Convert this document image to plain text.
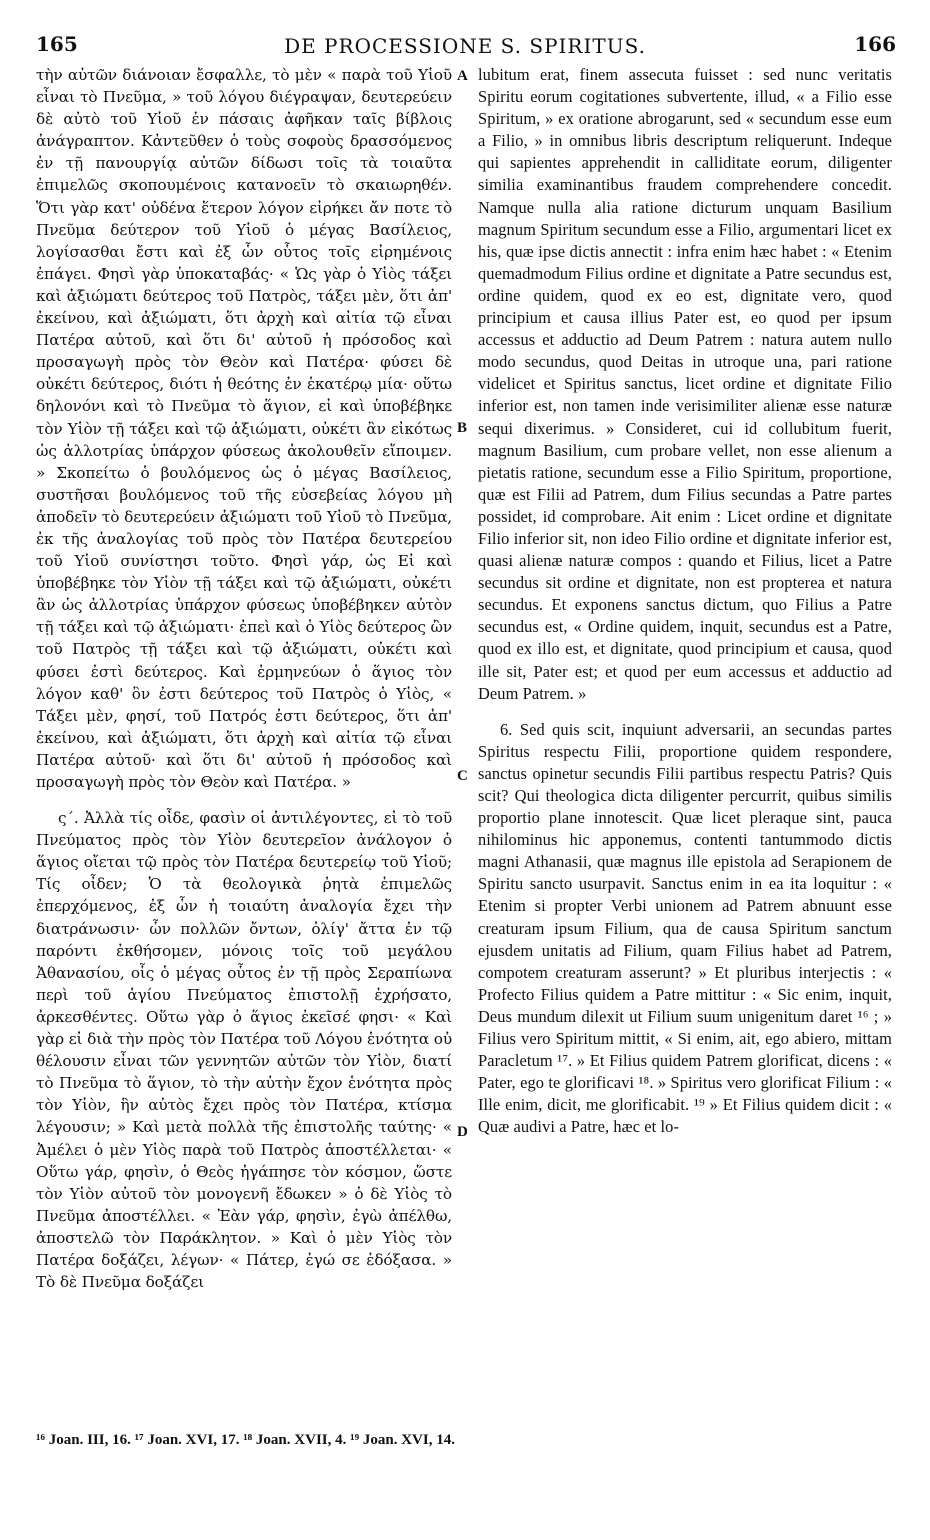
165	DE PROCESSIONE S. SPIRITUS.	166

τὴν αὐτῶν διάνοιαν ἔσφαλλε, τὸ μὲν « παρὰ τοῦ Υἱοῦ εἶναι τὸ Πνεῦμα, » τοῦ λόγου διέγραψαν, δευτερεύειν δὲ αὐτὸ τοῦ Υἱοῦ ἐν πάσαις ἀφῆκαν ταῖς βίβλοις ἀνάγραπτον. Κἀντεῦθεν ὁ τοὺς σοφοὺς δρασσόμενος ἐν τῇ πανουργίᾳ αὐτῶν δίδωσι τοῖς τὰ τοιαῦτα ἐπιμελῶς σκοπουμένοις κατανοεῖν τὸ σκαιωρηθέν. Ὅτι γὰρ κατ' οὐδένα ἕτερον λόγον εἰρήκει ἄν ποτε τὸ Πνεῦμα δεύτερον τοῦ Υἱοῦ ὁ μέγας Βασίλειος, λογίσασθαι ἔστι καὶ ἐξ ὧν οὗτος τοῖς εἰρημένοις ἐπάγει. Φησὶ γὰρ ὑποκαταβάς· « Ὡς γὰρ ὁ Υἱὸς τάξει καὶ ἀξιώματι δεύτερος τοῦ Πατρὸς, τάξει μὲν, ὅτι ἀπ' ἐκείνου, καὶ ἀξιώματι, ὅτι ἀρχὴ καὶ αἰτία τῷ εἶναι Πατέρα αὐτοῦ, καὶ ὅτι δι' αὐτοῦ ἡ πρόσοδος καὶ προσαγωγὴ πρὸς τὸν Θεὸν καὶ Πατέρα· φύσει δὲ οὐκέτι δεύτερος, διότι ἡ θεότης ἐν ἑκατέρῳ μία· οὕτω δηλονόνι καὶ τὸ Πνεῦμα τὸ ἅγιον, εἰ καὶ ὑποβέβηκε τὸν Υἱὸν τῇ τάξει καὶ τῷ ἀξιώματι, οὐκέτι ἂν εἰκότως ὡς ἀλλοτρίας ὑπάρχον φύσεως ἀκολουθεῖν εἴποιμεν. » Σκοπείτω ὁ βουλόμενος ὡς ὁ μέγας Βασίλειος, συστῆσαι βουλόμενος τοῦ τῆς εὐσεβείας λόγου μὴ ἀποδεῖν τὸ δευτερεύειν ἀξιώματι τοῦ Υἱοῦ τὸ Πνεῦμα, ἐκ τῆς ἀναλογίας τοῦ πρὸς τὸν Πατέρα δευτερείου τοῦ Υἱοῦ συνίστησι τοῦτο. Φησὶ γάρ, ὡς Εἰ καὶ ὑποβέβηκε τὸν Υἱὸν τῇ τάξει καὶ τῷ ἀξιώματι, οὐκέτι ἂν ὡς ἀλλοτρίας ὑπάρχον φύσεως ὑποβέβηκεν αὐτὸν τῇ τάξει καὶ τῷ ἀξιώματι· ἐπεὶ καὶ ὁ Υἱὸς δεύτερος ὢν τοῦ Πατρὸς τῇ τάξει καὶ τῷ ἀξιώματι, οὐκέτι καὶ φύσει ἐστὶ δεύτερος. Καὶ ἑρμηνεύων ὁ ἅγιος τὸν λόγον καθ' ὃν ἐστι δεύτερος τοῦ Πατρὸς ὁ Υἱὸς, « Τάξει μὲν, φησί, τοῦ Πατρός ἐστι δεύτερος, ὅτι ἀπ' ἐκείνου, καὶ ἀξιώματι, ὅτι ἀρχὴ καὶ αἰτία τῷ εἶναι Πατέρα αὐτοῦ· καὶ ὅτι δι' αὐτοῦ ἡ πρόσοδος καὶ προσαγωγὴ πρὸς τὸν Θεὸν καὶ Πατέρα. »

ς΄. Ἀλλὰ τίς οἶδε, φασὶν οἱ ἀντιλέγοντες, εἰ τὸ τοῦ Πνεύματος πρὸς τὸν Υἱὸν δευτερεῖον ἀνάλογον ὁ ἅγιος οἴεται τῷ πρὸς τὸν Πατέρα δευτερείῳ τοῦ Υἱοῦ; Τίς οἶδεν; Ὁ τὰ θεολογικὰ ῥητὰ ἐπιμελῶς ἐπερχόμενος, ἐξ ὧν ἡ τοιαύτη ἀναλογία ἔχει τὴν διατράνωσιν· ὧν πολλῶν ὄντων, ὀλίγ' ἄττα ἐν τῷ παρόντι ἐκθήσομεν, μόνοις τοῖς τοῦ μεγάλου Ἀθανασίου, οἷς ὁ μέγας οὗτος ἐν τῇ πρὸς Σεραπίωνα περὶ τοῦ ἁγίου Πνεύματος ἐπιστολῇ ἐχρήσατο, ἀρκεσθέντες. Οὕτω γὰρ ὁ ἅγιος ἐκεῖσέ φησι· « Καὶ γὰρ εἰ διὰ τὴν πρὸς τὸν Πατέρα τοῦ Λόγου ἑνότητα οὐ θέλουσιν εἶναι τῶν γεννητῶν αὐτῶν τὸν Υἱὸν, διατί τὸ Πνεῦμα τὸ ἅγιον, τὸ τὴν αὐτὴν ἔχον ἑνότητα πρὸς τὸν Υἱὸν, ἣν αὐτὸς ἔχει πρὸς τὸν Πατέρα, κτίσμα λέγουσιν; » Καὶ μετὰ πολλὰ τῆς ἐπιστολῆς ταύτης· « Ἀμέλει ὁ μὲν Υἱὸς παρὰ τοῦ Πατρὸς ἀποστέλλεται· « Οὕτω γάρ, φησὶν, ὁ Θεὸς ἠγάπησε τὸν κόσμον, ὥστε τὸν Υἱὸν αὐτοῦ τὸν μονογενῆ ἔδωκεν » ὁ δὲ Υἱὸς τὸ Πνεῦμα ἀποστέλλει. « Ἐὰν γάρ, φησὶν, ἐγὼ ἀπέλθω, ἀποστελῶ τὸν Παράκλητον. » Καὶ ὁ μὲν Υἱὸς τὸν Πατέρα δοξάζει, λέγων· « Πάτερ, ἐγώ σε ἐδόξασα. » Τὸ δὲ Πνεῦμα δοξάζει

A
B
C
D

lubitum erat, finem assecuta fuisset : sed nunc veritatis Spiritu eorum cogitationes subvertente, illud, « a Filio esse Spiritum, » ex oratione abrogarunt, sed « secundum esse eum a Filio, » in omnibus libris descriptum reliquerunt. Indeque qui sapientes apprehendit in calliditate eorum, diligenter similia examinantibus fraudem comprehendere concedit. Namque nulla alia ratione dicturum unquam Basilium magnum Spiritum secundum esse a Filio, argumentari licet ex his, quæ ipse dictis annectit : infra enim hæc habet : « Etenim quemadmodum Filius ordine et dignitate a Patre secundus est, ordine quidem, quod ex eo est, dignitate vero, quod principium et causa illius Pater est, eo quod per ipsum accessus et adductio ad Deum Patrem : natura autem nullo modo secundus, quod Deitas in utroque una, pari ratione videlicet et Spiritus sanctus, licet ordine et dignitate Filio inferior est, non tamen inde verisimiliter alienæ esse naturæ sequi dixerimus. » Consideret, cui id collubitum fuerit, magnum Basilium, cum probare vellet, non esse alienum a pietatis ratione, secundum esse a Filio Spiritum, proportione, quæ est Filii ad Patrem, dum Filius secundas a Patre partes possidet, id comprobare. Ait enim : Licet ordine et dignitate Filio inferior sit, non ideo Filio ordine et dignitate inferior est, quasi alienæ naturæ compos : quando et Filius, licet a Patre secundus sit ordine et dignitate, non est propterea et natura secundus. Et exponens sanctus dictum, quo Filius a Patre secundus est, « Ordine quidem, inquit, secundus est a Patre, quod ex illo est, et dignitate, quod principium et causa, quod ille sit, Pater est; et quod per eum accessus et adductio ad Deum Patrem. »

6. Sed quis scit, inquiunt adversarii, an secundas partes Spiritus respectu Filii, proportione quidem respondere, sanctus opinetur secundis Filii partibus respectu Patris? Quis scit? Qui theologica dicta diligenter percurrit, quibus similis proportio plane innotescit. Quæ licet pleraque sint, pauca nihilominus hic apponemus, contenti tantummodo dictis magni Athanasii, quæ magnus ille epistola ad Serapionem de Spiritu sancto usurpavit. Sanctus enim in ea ita loquitur : « Etenim si propter Verbi unionem ad Patrem abnuunt esse creaturam ipsum Filium, qua de causa Spiritum sanctum ejusdem unitatis ad Filium, quam Filius habet ad Patrem, compotem creaturam asserunt? » Et pluribus interjectis : « Profecto Filius quidem a Patre mittitur : « Sic enim, inquit, Deus mundum dilexit ut Filium suum unigenitum daret ¹⁶ ; » Filius vero Spiritum mittit, « Si enim, ait, ego abiero, mittam Paracletum ¹⁷. » Et Filius quidem Patrem glorificat, dicens : « Pater, ego te glorificavi ¹⁸. » Spiritus vero glorificat Filium : « Ille enim, dicit, me glorificabit. ¹⁹ » Et Filius quidem dicit : « Quæ audivi a Patre, hæc et lo-

¹⁶ Joan. III, 16. ¹⁷ Joan. XVI, 17. ¹⁸ Joan. XVII, 4. ¹⁹ Joan. XVI, 14.
